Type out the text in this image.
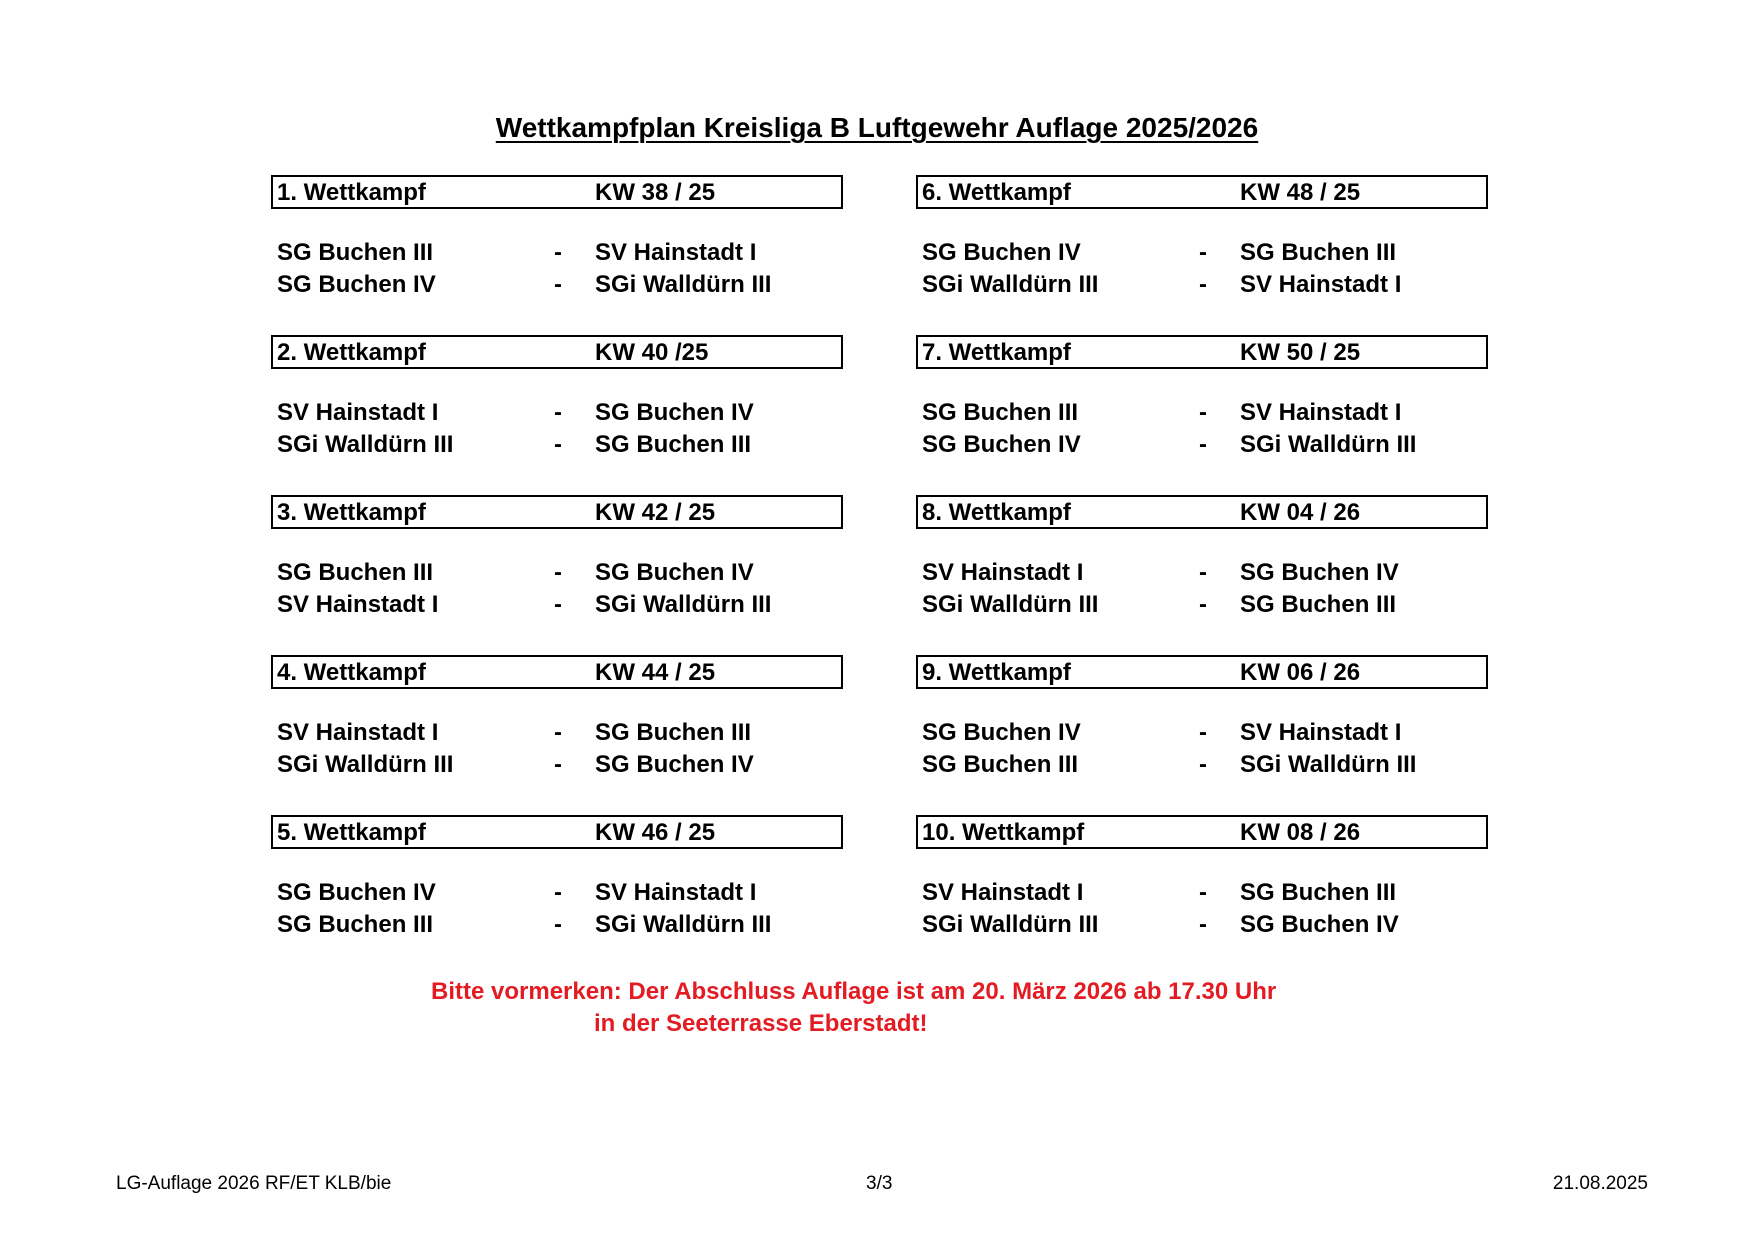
Wettkampfplan Kreisliga B Luftgewehr Auflage 2025/2026
1. Wettkampf	KW 38 / 25
SG Buchen III	- SV Hainstadt I
SG Buchen IV	- SGi Walldürn III
2. Wettkampf	KW 40 /25
SV Hainstadt I	- SG Buchen IV
SGi Walldürn III	- SG Buchen III
3. Wettkampf	KW 42 / 25
SG Buchen III	- SG Buchen IV
SV Hainstadt I	- SGi Walldürn III
4. Wettkampf	KW 44 / 25
SV Hainstadt I	- SG Buchen III
SGi Walldürn III	- SG Buchen IV
5. Wettkampf	KW 46 / 25
SG Buchen IV	- SV Hainstadt I
SG Buchen III	- SGi Walldürn III
6. Wettkampf	KW 48 / 25
SG Buchen IV	- SG Buchen III
SGi Walldürn III	- SV Hainstadt I
7. Wettkampf	KW 50 / 25
SG Buchen III	- SV Hainstadt I
SG Buchen IV	- SGi Walldürn III
8. Wettkampf	KW 04 / 26
SV Hainstadt I	- SG Buchen IV
SGi Walldürn III	- SG Buchen III
9. Wettkampf	KW 06 / 26
SG Buchen IV	- SV Hainstadt I
SG Buchen III	- SGi Walldürn III
10. Wettkampf	KW 08 / 26
SV Hainstadt I	- SG Buchen III
SGi Walldürn III	- SG Buchen IV
Bitte vormerken: Der Abschluss Auflage ist am 20. März 2026 ab 17.30 Uhr
in der Seeterrasse Eberstadt!
LG-Auflage 2026 RF/ET KLB/bie	3/3	21.08.2025
